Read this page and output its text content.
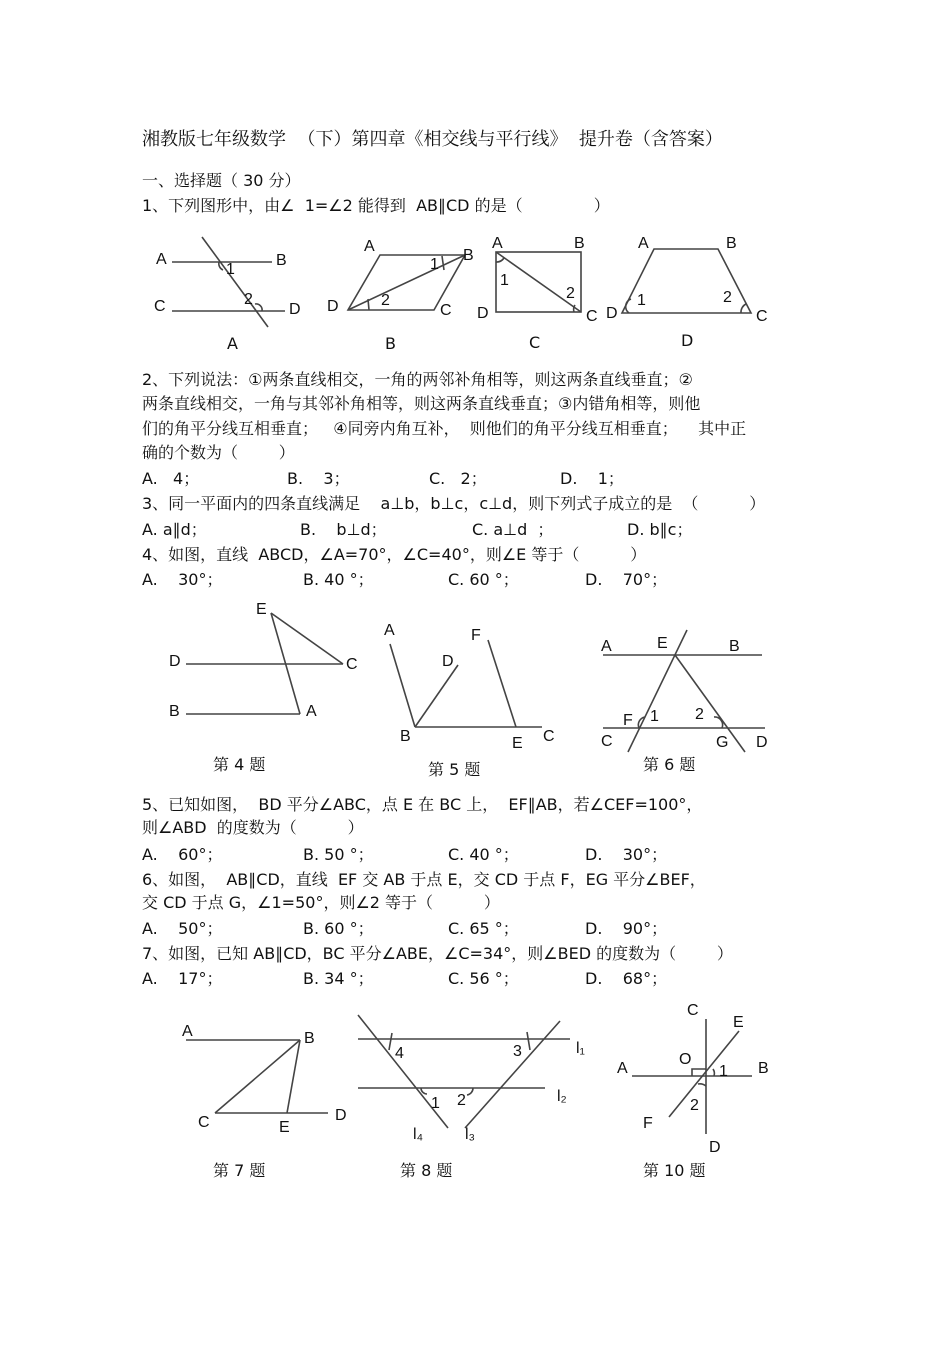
湘教版七年级数学  （下）第四章《相交线与平行线》  提升卷（含答案）
一、选择题（ 30 分）
1、下列图形中，由∠  1=∠2 能得到  AB∥CD 的是（              ）
2、下列说法：①两条直线相交，一角的两邻补角相等，则这两条直线垂直；②
两条直线相交，一角与其邻补角相等，则这两条直线垂直；③内错角相等，则他
们的角平分线互相垂直；   ④同旁内角互补，  则他们的角平分线互相垂直；    其中正
确的个数为（        ）
A.   4；	B.    3；	C.   2；	D.    1；
3、同一平面内的四条直线满足    a⊥b，b⊥c，c⊥d，则下列式子成立的是  （          ）
A. a∥d；	B.    b⊥d；	C. a⊥d  ；	D. b∥c；
4、如图，直线  ABCD，∠A=70°，∠C=40°，则∠E 等于（          ）
A.    30°；	B. 40 °；	C. 60 °；	D.    70°；
5、已知如图，  BD 平分∠ABC，点 E 在 BC 上，  EF∥AB，若∠CEF=100°，
则∠ABD  的度数为（          ）
A.    60°；	B. 50 °；	C. 40 °；	D.    30°；
6、如图，  AB∥CD，直线  EF 交 AB 于点 E，交 CD 于点 F，EG 平分∠BEF，
交 CD 于点 G，∠1=50°，则∠2 等于（          ）
A.    50°；	B. 60 °；	C. 65 °；	D.    90°；
7、如图，已知 AB∥CD，BC 平分∠ABE，∠C=34°，则∠BED 的度数为（        ）
A.    17°；	B. 34 °；	C. 56 °；	D.    68°；
A	B
C	D
1
2
A
A
B
C
D
1
2
B
A	B
C
D
1
2
C
A	B
C
D
1	2
D
E
D	C
B	A
第 4 题
A	F
D
B	E C
第 5 题
A	E	B
F 1 2
C	G D
第 6 题
A	B
C	E
D
第 7 题
4	3	l₁
1 2	l₂
l₄	l₃
第 8 题
C
E
O
A	1 B
2
F
D
第 10 题
